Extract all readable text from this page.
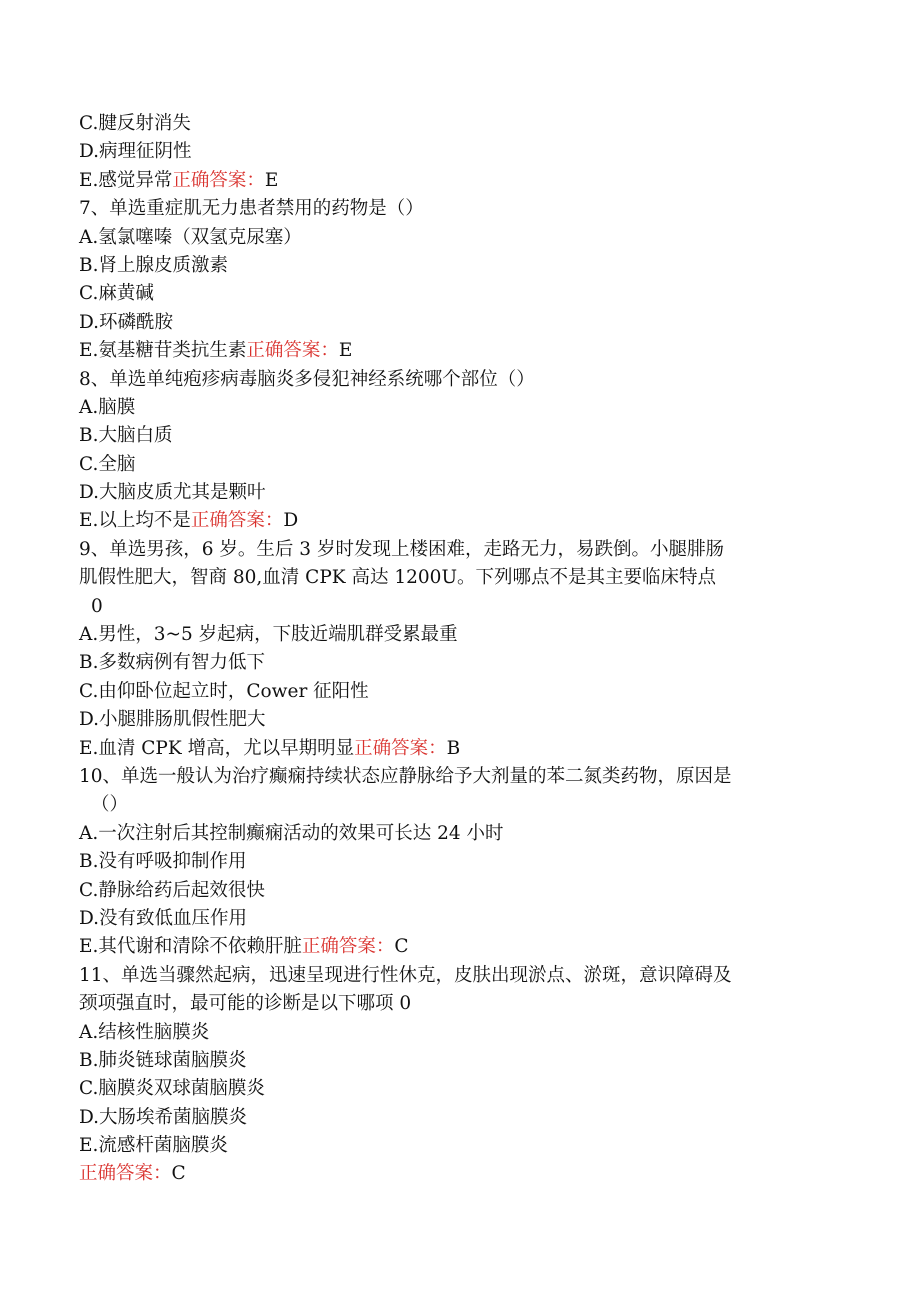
C.腱反射消失
D.病理征阴性
E.感觉异常正确答案：E
7、单选重症肌无力患者禁用的药物是（）
A.氢氯噻嗪（双氢克尿塞）
B.肾上腺皮质激素
C.麻黄碱
D.环磷酰胺
E.氨基糖苷类抗生素正确答案：E
8、单选单纯疱疹病毒脑炎多侵犯神经系统哪个部位（）
A.脑膜
B.大脑白质
C.全脑
D.大脑皮质尤其是颗叶
E.以上均不是正确答案：D
9、单选男孩，6 岁。生后 3 岁时发现上楼困难，走路无力，易跌倒。小腿腓肠
肌假性肥大，智商 80,血清 CPK 高达 1200U。下列哪点不是其主要临床特点
0
A.男性，3~5 岁起病，下肢近端肌群受累最重
B.多数病例有智力低下
C.由仰卧位起立时，Cower 征阳性
D.小腿腓肠肌假性肥大
E.血清 CPK 增高，尤以早期明显正确答案：B
10、单选一般认为治疗癫痫持续状态应静脉给予大剂量的苯二氮类药物，原因是
（）
A.一次注射后其控制癫痫活动的效果可长达 24 小时
B.没有呼吸抑制作用
C.静脉给药后起效很快
D.没有致低血压作用
E.其代谢和清除不依赖肝脏正确答案：C
11、单选当骤然起病，迅速呈现进行性休克，皮肤出现淤点、淤斑，意识障碍及
颈项强直时，最可能的诊断是以下哪项 0
A.结核性脑膜炎
B.肺炎链球菌脑膜炎
C.脑膜炎双球菌脑膜炎
D.大肠埃希菌脑膜炎
E.流感杆菌脑膜炎
正确答案：C
